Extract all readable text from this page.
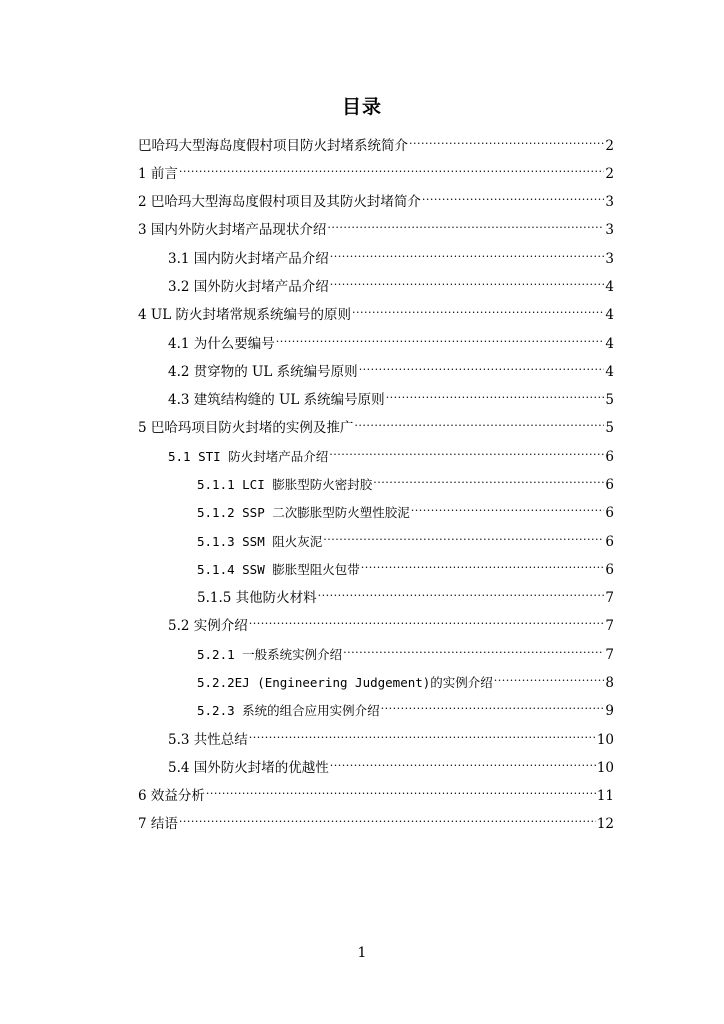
目录
巴哈玛大型海岛度假村项目防火封堵系统简介 .....	2
1 前言 .....	2
2 巴哈玛大型海岛度假村项目及其防火封堵简介 .....	3
3 国内外防火封堵产品现状介绍 .....	3
3.1 国内防火封堵产品介绍 .....	3
3.2 国外防火封堵产品介绍 .....	4
4 UL 防火封堵常规系统编号的原则 .....	4
4.1 为什么要编号 .....	4
4.2 贯穿物的 UL 系统编号原则 .....	4
4.3 建筑结构缝的 UL 系统编号原则 .....	5
5 巴哈玛项目防火封堵的实例及推广 .....	5
5.1 STI 防火封堵产品介绍 .....	6
5.1.1 LCI 膨胀型防火密封胶 .....	6
5.1.2 SSP 二次膨胀型防火塑性胶泥 .....	6
5.1.3 SSM 阻火灰泥 .....	6
5.1.4 SSW 膨胀型阻火包带 .....	6
5.1.5 其他防火材料 .....	7
5.2 实例介绍 .....	7
5.2.1 一般系统实例介绍 .....	7
5.2.2EJ (Engineering Judgement)的实例介绍 .....	8
5.2.3 系统的组合应用实例介绍 .....	9
5.3 共性总结 .....	10
5.4 国外防火封堵的优越性 .....	10
6 效益分析 .....	11
7 结语 .....	12
1
